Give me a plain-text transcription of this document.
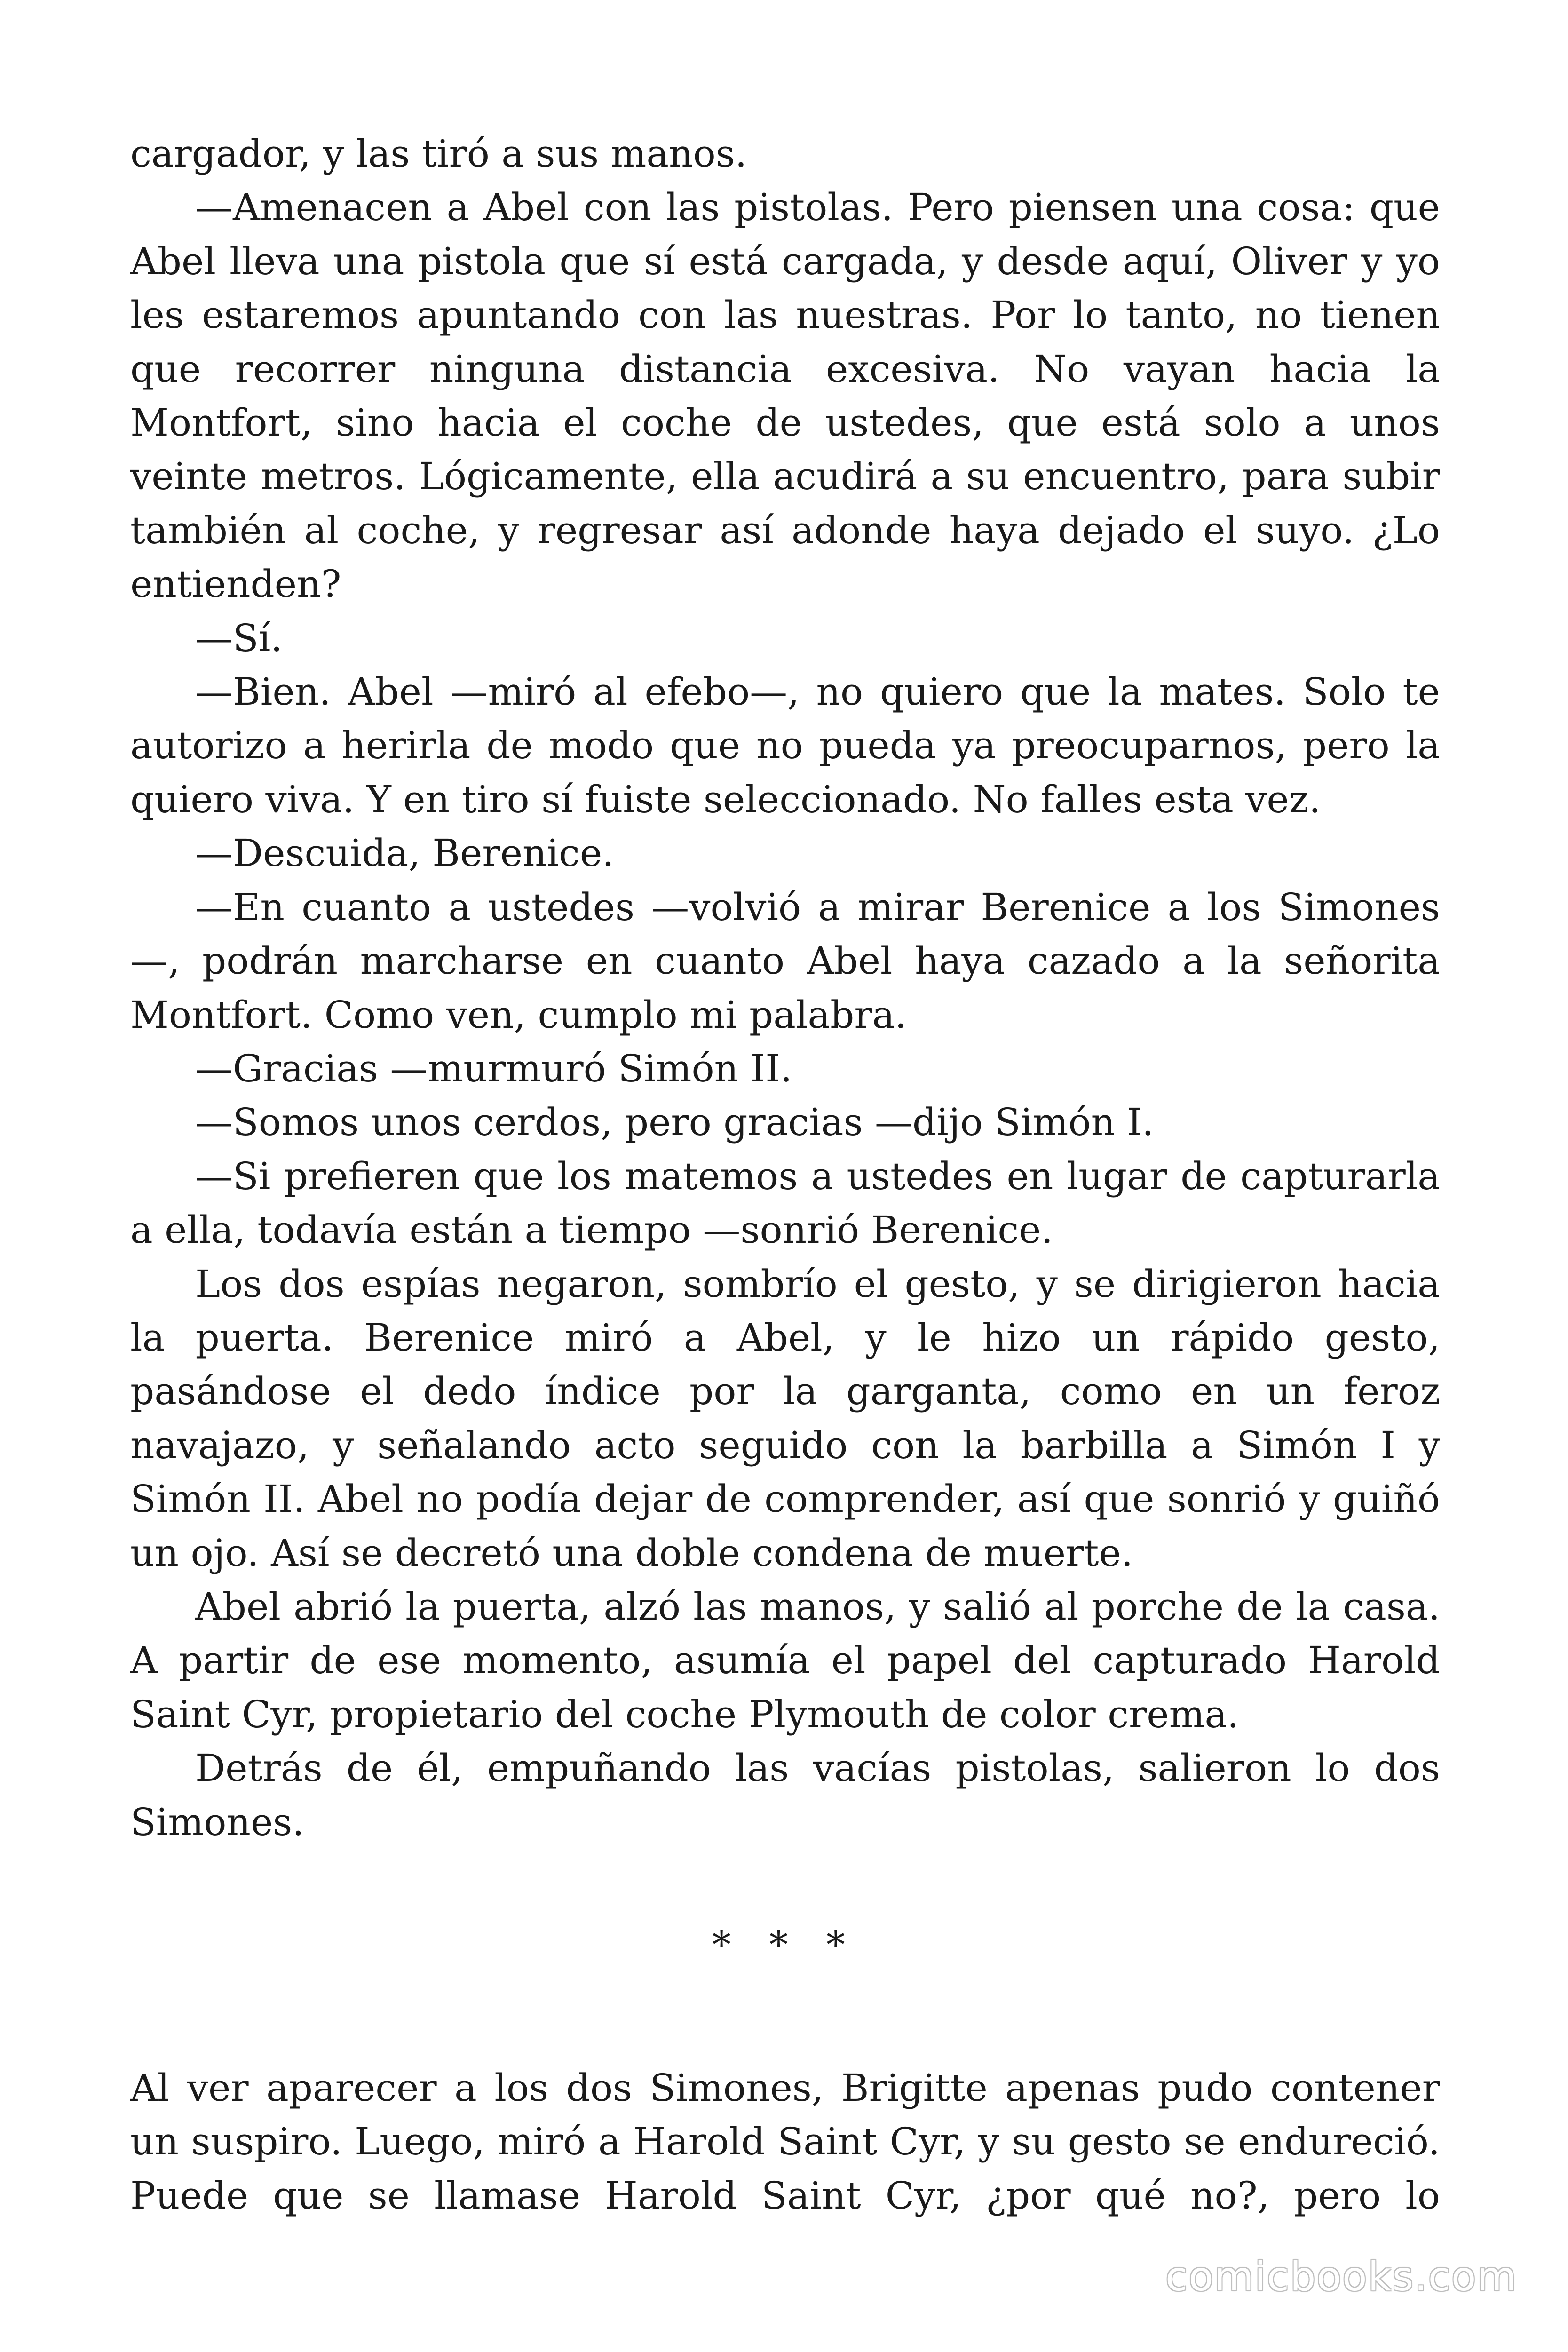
cargador, y las tiró a sus manos.

—Amenacen a Abel con las pistolas. Pero piensen una cosa: que Abel lleva una pistola que sí está cargada, y desde aquí, Oliver y yo les estaremos apuntando con las nuestras. Por lo tanto, no tienen que recorrer ninguna distancia excesiva. No vayan hacia la Montfort, sino hacia el coche de ustedes, que está solo a unos veinte metros. Lógicamente, ella acudirá a su encuentro, para subir también al coche, y regresar así adonde haya dejado el suyo. ¿Lo entienden?

—Sí.

—Bien. Abel —miró al efebo—, no quiero que la mates. Solo te autorizo a herirla de modo que no pueda ya preocuparnos, pero la quiero viva. Y en tiro sí fuiste seleccionado. No falles esta vez.

—Descuida, Berenice.

—En cuanto a ustedes —volvió a mirar Berenice a los Simones —, podrán marcharse en cuanto Abel haya cazado a la señorita Montfort. Como ven, cumplo mi palabra.

—Gracias —murmuró Simón II.

—Somos unos cerdos, pero gracias —dijo Simón I.

—Si prefieren que los matemos a ustedes en lugar de capturarla a ella, todavía están a tiempo —sonrió Berenice.

Los dos espías negaron, sombrío el gesto, y se dirigieron hacia la puerta. Berenice miró a Abel, y le hizo un rápido gesto, pasándose el dedo índice por la garganta, como en un feroz navajazo, y señalando acto seguido con la barbilla a Simón I y Simón II. Abel no podía dejar de comprender, así que sonrió y guiñó un ojo. Así se decretó una doble condena de muerte.

Abel abrió la puerta, alzó las manos, y salió al porche de la casa. A partir de ese momento, asumía el papel del capturado Harold Saint Cyr, propietario del coche Plymouth de color crema.

Detrás de él, empuñando las vacías pistolas, salieron lo dos Simones.

* * *

Al ver aparecer a los dos Simones, Brigitte apenas pudo contener un suspiro. Luego, miró a Harold Saint Cyr, y su gesto se endureció. Puede que se llamase Harold Saint Cyr, ¿por qué no?, pero lo

comicbooks.com
